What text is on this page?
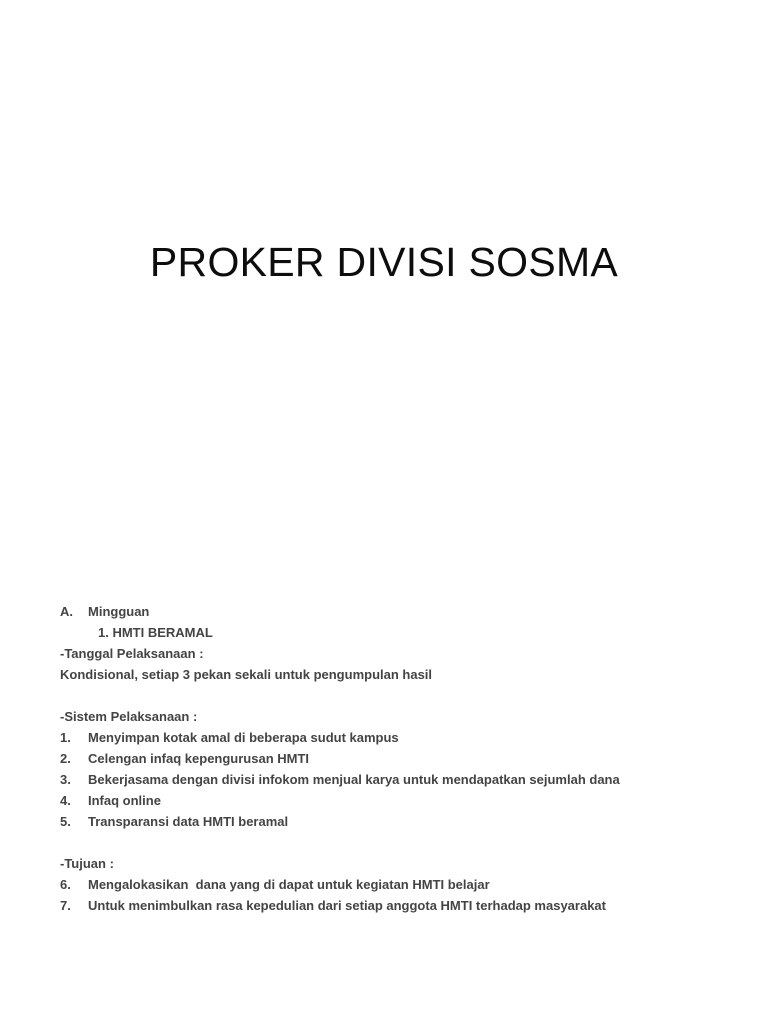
PROKER DIVISI SOSMA
A. Mingguan
1. HMTI BERAMAL
-Tanggal Pelaksanaan :
Kondisional, setiap 3 pekan sekali untuk pengumpulan hasil
-Sistem Pelaksanaan :
1. Menyimpan kotak amal di beberapa sudut kampus
2. Celengan infaq kepengurusan HMTI
3. Bekerjasama dengan divisi infokom menjual karya untuk mendapatkan sejumlah dana
4. Infaq online
5. Transparansi data HMTI beramal
-Tujuan :
6. Mengalokasikan  dana yang di dapat untuk kegiatan HMTI belajar
7. Untuk menimbulkan rasa kepedulian dari setiap anggota HMTI terhadap masyarakat
